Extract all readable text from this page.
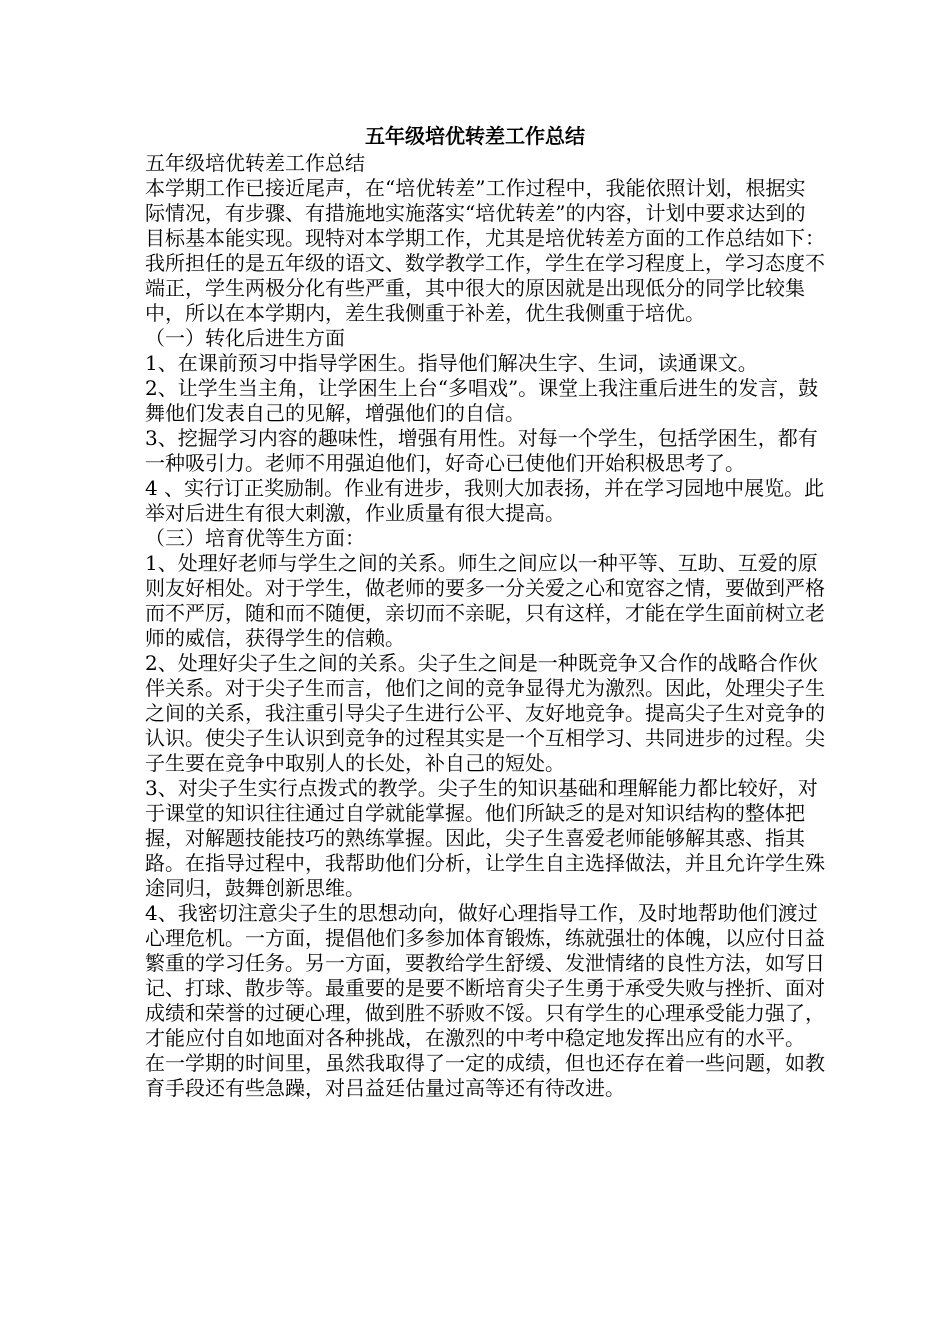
五年级培优转差工作总结

五年级培优转差工作总结

本学期工作已接近尾声，在“培优转差”工作过程中，我能依照计划，根据实际情况，有步骤、有措施地实施落实“培优转差”的内容，计划中要求达到的目标基本能实现。现特对本学期工作，尤其是培优转差方面的工作总结如下：

我所担任的是五年级的语文、数学教学工作，学生在学习程度上，学习态度不端正，学生两极分化有些严重，其中很大的原因就是出现低分的同学比较集中，所以在本学期内，差生我侧重于补差，优生我侧重于培优。

（一）转化后进生方面

1、在课前预习中指导学困生。指导他们解决生字、生词，读通课文。

2、让学生当主角，让学困生上台“多唱戏”。课堂上我注重后进生的发言，鼓舞他们发表自己的见解，增强他们的自信。

3、挖掘学习内容的趣味性，增强有用性。对每一个学生，包括学困生，都有一种吸引力。老师不用强迫他们，好奇心已使他们开始积极思考了。

4 、实行订正奖励制。作业有进步，我则大加表扬，并在学习园地中展览。此举对后进生有很大刺激，作业质量有很大提高。

（三）培育优等生方面：

1、处理好老师与学生之间的关系。师生之间应以一种平等、互助、互爱的原则友好相处。对于学生，做老师的要多一分关爱之心和宽容之情，要做到严格而不严厉，随和而不随便，亲切而不亲昵，只有这样，才能在学生面前树立老师的威信，获得学生的信赖。

2、处理好尖子生之间的关系。尖子生之间是一种既竞争又合作的战略合作伙伴关系。对于尖子生而言，他们之间的竞争显得尤为激烈。因此，处理尖子生之间的关系，我注重引导尖子生进行公平、友好地竞争。提高尖子生对竞争的认识。使尖子生认识到竞争的过程其实是一个互相学习、共同进步的过程。尖子生要在竞争中取别人的长处，补自己的短处。

3、对尖子生实行点拨式的教学。尖子生的知识基础和理解能力都比较好，对于课堂的知识往往通过自学就能掌握。他们所缺乏的是对知识结构的整体把握，对解题技能技巧的熟练掌握。因此，尖子生喜爱老师能够解其惑、指其路。在指导过程中，我帮助他们分析，让学生自主选择做法，并且允许学生殊途同归，鼓舞创新思维。

4、我密切注意尖子生的思想动向，做好心理指导工作，及时地帮助他们渡过心理危机。一方面，提倡他们多参加体育锻炼，练就强壮的体魄，以应付日益繁重的学习任务。另一方面，要教给学生舒缓、发泄情绪的良性方法，如写日记、打球、散步等。最重要的是要不断培育尖子生勇于承受失败与挫折、面对成绩和荣誉的过硬心理，做到胜不骄败不馁。只有学生的心理承受能力强了，才能应付自如地面对各种挑战，在激烈的中考中稳定地发挥出应有的水平。

在一学期的时间里，虽然我取得了一定的成绩，但也还存在着一些问题，如教育手段还有些急躁，对吕益廷估量过高等还有待改进。
